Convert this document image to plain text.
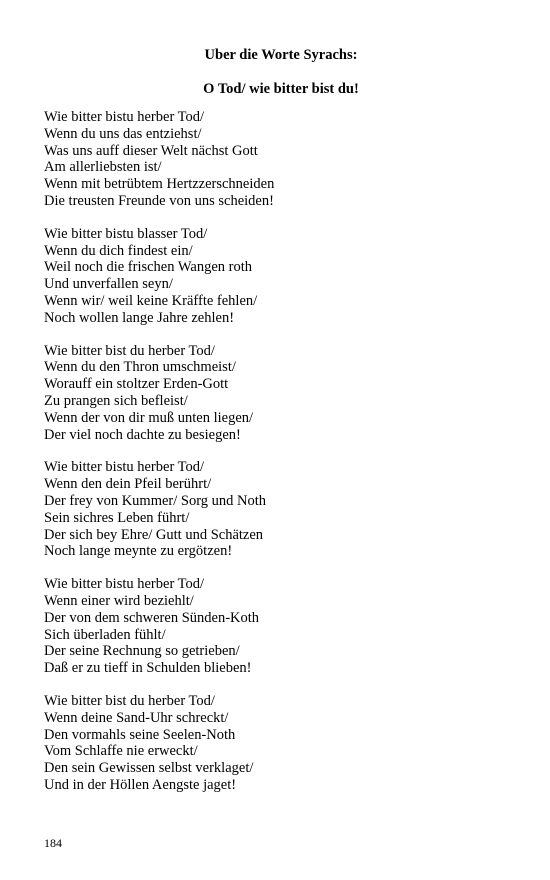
Uber die Worte Syrachs:
O Tod/ wie bitter bist du!
Wie bitter bistu herber Tod/
Wenn du uns das entziehst/
Was uns auff dieser Welt nächst Gott
Am allerliebsten ist/
Wenn mit betrübtem Hertzzerschneiden
Die treusten Freunde von uns scheiden!
Wie bitter bistu blasser Tod/
Wenn du dich findest ein/
Weil noch die frischen Wangen roth
Und unverfallen seyn/
Wenn wir/ weil keine Kräffte fehlen/
Noch wollen lange Jahre zehlen!
Wie bitter bist du herber Tod/
Wenn du den Thron umschmeist/
Worauff ein stoltzer Erden-Gott
Zu prangen sich befleist/
Wenn der von dir muß unten liegen/
Der viel noch dachte zu besiegen!
Wie bitter bistu herber Tod/
Wenn den dein Pfeil berührt/
Der frey von Kummer/ Sorg und Noth
Sein sichres Leben führt/
Der sich bey Ehre/ Gutt und Schätzen
Noch lange meynte zu ergötzen!
Wie bitter bistu herber Tod/
Wenn einer wird beziehlt/
Der von dem schweren Sünden-Koth
Sich überladen fühlt/
Der seine Rechnung so getrieben/
Daß er zu tieff in Schulden blieben!
Wie bitter bist du herber Tod/
Wenn deine Sand-Uhr schreckt/
Den vormahls seine Seelen-Noth
Vom Schlaffe nie erweckt/
Den sein Gewissen selbst verklaget/
Und in der Höllen Aengste jaget!
184
